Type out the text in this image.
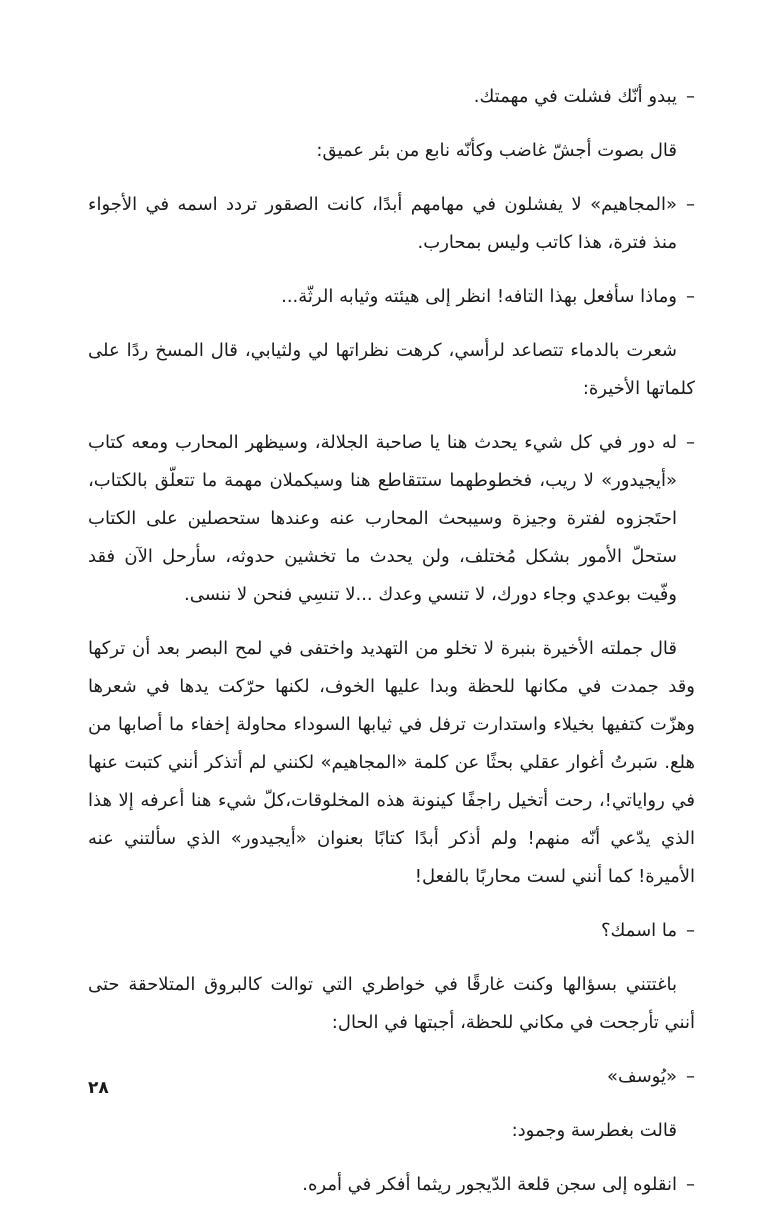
– يبدو أنّك فشلت ﻓﻲ مهمتك.

قال بصوت أجشّ غاضب وكأنّه نابع من بئر عميق:

– «المجاهيم» لا يفشلون ﻓﻲ مهامهم أبدًا، كانت الصقور تردد اسمه ﻓﻲ الأجواء منذ فترة، هذا كاتب وليس بمحارب.

– وماذا سأفعل بهذا التافه! انظر إلى هيئته وثيابه الرثّة...

شعرت بالدماء تتصاعد لرأسي، كرهت نظراتها لي ولثيابي، قال المسخ ردًا على كلماتها الأخيرة:

– له دور ﻓﻲ كل شيء يحدث هنا يا صاحبة الجلالة، وسيظهر المحارب ومعه كتاب «أيجيدور» لا ريب، فخطوطهما ستتقاطع هنا وسيكملان مهمة ما تتعلّق بالكتاب، احتَجزوه لفترة وجيزة وسيبحث المحارب عنه وعندها ستحصلين على الكتاب ستحلّ الأمور بشكل مُختلف، ولن يحدث ما تخشين حدوثه، سأرحل الآن فقد وفّيت بوعدي وجاء دورك، لا تنسي وعدك ...لا تنسِي فنحن لا ننسى.

قال جملته الأخيرة بنبرة لا تخلو من التهديد واختفى ﻓﻲ لمح البصر بعد أن تركها وقد جمدت ﻓﻲ مكانها للحظة وبدا عليها الخوف، لكنها حرّكت يدها ﻓﻲ شعرها وهزّت كتفيها بخيلاء واستدارت ترفل ﻓﻲ ثيابها السوداء محاولة إخفاء ما أصابها من هلع. سَبرتُ أغوار عقلي بحثًا عن كلمة «المجاهيم» لكنني لم أتذكر أنني كتبت عنها ﻓﻲ رواياتي!، رحت أتخيل راجفًا كينونة هذه المخلوقات،كلّ شيء هنا أعرفه إلا هذا الذي يدّعي أنّه منهم! ولم أذكر أبدًا كتابًا بعنوان «أيجيدور» الذي سألتني عنه الأميرة! كما أنني لست محاربًا بالفعل!

– ما اسمك؟

باغتتني بسؤالها وكنت غارقًا ﻓﻲ خواطري التي توالت كالبروق المتلاحقة حتى أنني تأرجحت ﻓﻲ مكاني للحظة، أجبتها ﻓﻲ الحال:

– «يُوسف»

قالت بغطرسة وجمود:

– انقلوه إلى سجن قلعة الدّيجور ريثما أفكر ﻓﻲ أمره.

٢٨
